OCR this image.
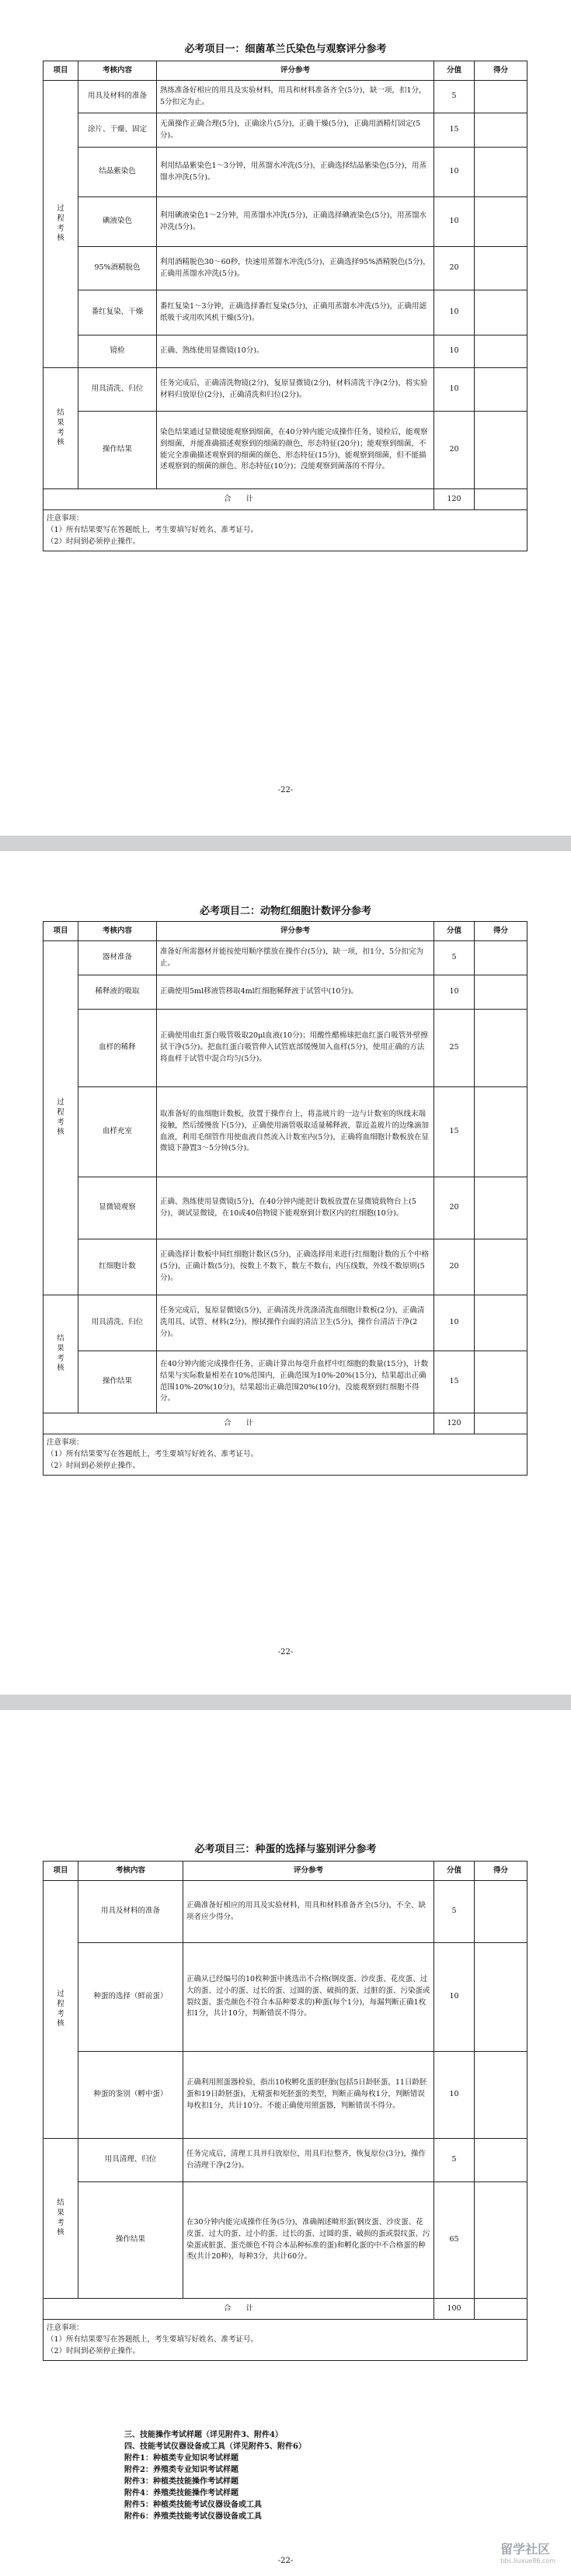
必考项目一：细菌革兰氏染色与观察评分参考
项目	考核内容	评分参考	分值	得分

过程考核	用具及材料的准备	熟练准备好相应的用具及实验材料，用具和材料准备齐全(5分)，缺一项，扣1分，5分扣完为止。	5	
	涂片、干燥、固定	无菌操作正确合理(5分)，正确涂片(5分)，正确干燥(5分)，正确用酒精灯固定(5分)。	15	
	结晶紫染色	利用结晶紫染色1～3分钟，用蒸馏水冲洗(5分)，正确选择结晶紫染色(5分)，用蒸馏水冲洗(5分)。	10	
	碘液染色	利用碘液染色1～2分钟，用蒸馏水冲洗(5分)，正确选择碘液染色(5分)，用蒸馏水冲洗(5分)。	10	
	95%酒精脱色	利用酒精脱色30～60秒，快速用蒸馏水冲洗(5分)，正确选择95%酒精脱色(5分)，正确用蒸馏水冲洗(5分)。	20	
	番红复染、干燥	番红复染1～3分钟，正确选择番红复染(5分)，正确用蒸馏水冲洗(5分)，正确用滤纸吸干或用吹风机干燥(5分)。	10	
	镜检	正确、熟练使用显微镜(10分)。	10	

结果考核	用具清洗、归位	任务完成后，正确清洗物镜(2分)，复原显微镜(2分)，材料清洗干净(2分)，将实验材料归放原位(2分)，正确清洗和归位(2分)。	10	
	操作结果	染色结果通过显微镜能观察到细菌，在40分钟内能完成操作任务，镜检后，能观察到细菌，并能准确描述观察到的细菌的颜色，形态特征(20分)；能观察到细菌，不能完全准确描述观察到的细菌的颜色、形态特征(15分)，能观察到细菌，但不能描述观察到的细菌的颜色、形态特征(10分)；没能观察到菌落的不得分。	20	
合　　计			120	

注意事项：
（1）所有结果要写在答题纸上，考生要填写好姓名、准考证号。
（2）时间到必须停止操作。				
-22-
必考项目二：动物红细胞计数评分参考
项目	考核内容	评分参考	分值	得分

过程考核	器材准备	准备好所需器材并能按使用顺序摆放在操作台(5分)，缺一项，扣1分，5分扣完为止。	5	
	稀释液的吸取	正确使用5ml移液管移取4ml红细胞稀释液于试管中(10分)。	10	
	血样的稀释	正确使用血红蛋白吸管吸取20μl血液(10分)；用酸性醋棉球把血红蛋白吸管外壁擦拭干净(5分)。把血红蛋白吸管伸入试管底部缓慢加入血样(5分)，使用正确的方法将血样于试管中混合均匀(5分)。	25	
	血样充室	取准备好的血细胞计数板，放置于操作台上，将盖玻片的一边与计数室的纵线末端接触，然后缓慢放下(5分)，正确使用滴管吸取适量稀释液，靠近盖玻片的边缘滴加血液，利用毛细管作用使血液自然流入计数室内(5分)，正确将血细胞计数板放在显微镜下静置3～5分钟(5分)。	15	
	显微镜观察	正确、熟练使用显微镜(5分)，在40分钟内能把计数板放置在显微镜载物台上(5分)，调试显微镜，在10或40倍物镜下能观察到计数区内的红细胞(10分)。	20	
	红细胞计数	正确选择计数板中间红细胞计数区(5分)，正确选择用来进行红细胞计数的五个中格(5分)，正确计数(5分)，按数上不数下，数左不数右，内压线数，外线不数原则(5分)。	20	

结果考核	用具清洗、归位	任务完成后，复原显微镜(5分)，正确清洗并洗涤清洗血细胞计数板(2分)，正确清洗用具、试管、材料(2分)，擦拭操作台面的清洁卫生(5分)，操作台清洁干净(2分)。	10	
	操作结果	在40分钟内能完成操作任务，正确计算出每毫升血样中红细胞的数量(15分)，计数结果与实际数量相差在10%范围内，正确范围为10%-20%(15分)，结果超出正确范围10%-20%(10分)，结果超出正确范围20%(10分)，没能观察到红细胞不得分。	15	
合　　计			120	

注意事项：
（1）所有结果要写在答题纸上，考生要填写好姓名、准考证号。
（2）时间到必须停止操作。				
-22-
必考项目三：种蛋的选择与鉴别评分参考
项目	考核内容	评分参考	分值	得分

过程考核	用具及材料的准备	正确准备好相应的用具及实验材料，用具和材料准备齐全(5分)，不全、缺项者应少得分。	5	
	种蛋的选择（鲜前蛋）	正确从已经编号的10枚种蛋中挑选出不合格(钢皮蛋、沙皮蛋、花皮蛋、过大的蛋、过小的蛋、过长的蛋、过圆的蛋、破损的蛋、过脏的蛋、污染蛋或裂纹蛋、蛋壳颜色不符合本品种要求的)种蛋(每个1分)，每漏判断正确1枚扣1分，共计10分，判断错误不得分。	10	
	种蛋的鉴别（孵中蛋）	正确利用照蛋器检验，指出10枚孵化蛋的胚胎(包括5日龄胚蛋，11日龄胚蛋和19日龄胚蛋)，无精蛋和死胚蛋的类型，判断正确每枚1分，判断错误每枚扣1分，共计10分。不能正确使用照蛋器，判断错误不得分。	10	

结果考核	用具清理、归位	任务完成后，清理工具并归放原位，用具归位整齐，恢复原位(3分)，操作台清理干净(2分)。	5	
	操作结果	在30分钟内能完成操作任务(5分)，准确阐述畸形蛋(钢皮蛋、沙皮蛋、花皮蛋、过大的蛋、过小的蛋、过长的蛋、过圆的蛋、破损的蛋或裂纹蛋、污染蛋或脏蛋、蛋壳颜色不符合本品种标准的蛋)和孵化蛋的中不合格蛋的种类(共计20种)，每种3分，共计60分。	65	
合　　计			100	

注意事项：
（1）所有结果要写在答题纸上，考生要填写好姓名、准考证号。
（2）时间到必须停止操作。				
三、技能操作考试样题（详见附件3、附件4）
四、技能考试仪器设备或工具（详见附件5、附件6）
附件1：种植类专业知识考试样题
附件2：养殖类专业知识考试样题
附件3：种植类技能操作考试样题
附件4：养殖类技能操作考试样题
附件5：种植类技能考试仪器设备或工具
附件6：养殖类技能考试仪器设备或工具
留学社区
bbs.liuxue86.com
-22-
